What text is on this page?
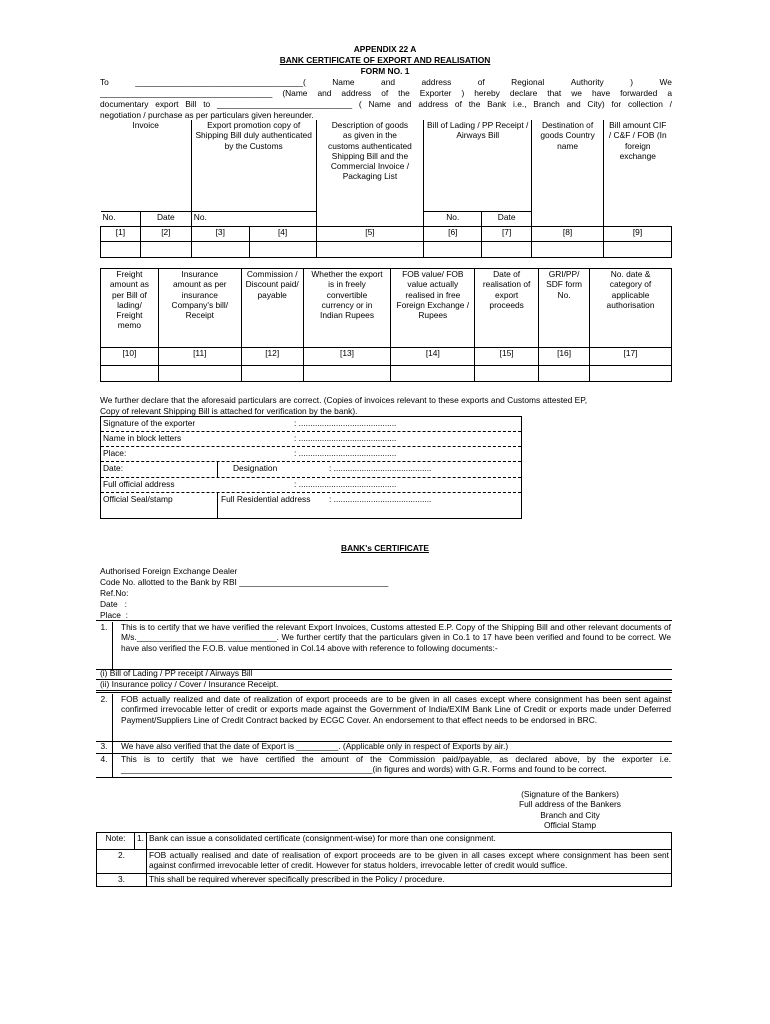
APPENDIX 22 A
BANK CERTIFICATE OF EXPORT AND REALISATION
FORM NO. 1
To	____________________________________(	Name	and	address	of	Regional	Authority	)	We
_____________________________________ (Name and address of the Exporter ) hereby declare that we have forwarded a
documentary export Bill to _____________________________ ( Name and address of the Bank i.e., Branch and City) for collection /
negotiation / purchase as per particulars given hereunder.
Invoice		Export promotion copy of Shipping Bill duly authenticated by the Customs		Description of goods as given in the customs authenticated Shipping Bill and the Commercial Invoice / Packaging List	Bill of Lading / PP Receipt / Airways Bill		Destination of goods Country name	Bill amount CIF / C&F / FOB (In foreign exchange
No.	Date	No.			No.	Date		
[1]	[2]	[3]	[4]	[5]	[6]	[7]	[8]	[9]

Freight amount as per Bill of lading/ Freight memo	Insurance amount as per insurance Company's bill/ Receipt	Commission / Discount paid/ payable	Whether the export is in freely convertible currency or in Indian Rupees	FOB value/ FOB value actually realised in free Foreign Exchange / Rupees	Date of realisation of export proceeds	GRI/PP/ SDF form No.	No. date & category of applicable authorisation
[10]	[11]	[12]	[13]	[14]	[15]	[16]	[17]

We further declare that the aforesaid particulars are correct. (Copies of invoices relevant to these exports and Customs attested EP,
Copy of relevant Shipping Bill is attached for verification by the bank).
Signature of the exporter	: ..........................................
Name in block letters	: ..........................................
Place:	: ..........................................
Date:	Designation	: ..........................................
Full official address	: ..........................................
Official Seal/stamp	Full Residential address : ..........................................
BANK's CERTIFICATE
Authorised Foreign Exchange Dealer
Code No. allotted to the Bank by RBI ________________________________
Ref.No:
Date   :
Place  :
1.	This is to certify that we have verified the relevant Export Invoices, Customs attested E.P. Copy of the Shipping Bill and other relevant documents of M/s.______________________________. We further certify that the particulars given in Co.1 to 17 have been verified and found to be correct. We have also verified the F.O.B. value mentioned in Col.14 above with reference to following documents:-
(i) Bill of Lading / PP receipt / Airways Bill
(ii) Insurance policy / Cover / Insurance Receipt.
2.	FOB actually realized and date of realization of export proceeds are to be given in all cases except where consignment has been sent against confirmed irrevocable letter of credit or exports made against the Government of India/EXIM Bank Line of Credit or exports made under Deferred Payment/Suppliers Line of Credit Contract backed by ECGC Cover. An endorsement to that effect needs to be endorsed in BRC.
3.	We have also verified that the date of Export is _________. (Applicable only in respect of Exports by air.)
4.	This is to certify that we have certified the amount of the Commission paid/payable, as declared above, by the exporter i.e. ______________________________________________________(in figures and words) with G.R. Forms and found to be correct.
(Signature of the Bankers)
Full address of the Bankers
Branch and City
Official Stamp
Note:	1.	Bank can issue a consolidated certificate (consignment-wise) for more than one consignment.
2.		FOB actually realised and date of realisation of export proceeds are to be given in all cases except where consignment has been sent against confirmed irrevocable letter of credit. However for status holders, irrevocable letter of credit would suffice.
3.		This shall be required wherever specifically prescribed in the Policy / procedure.
